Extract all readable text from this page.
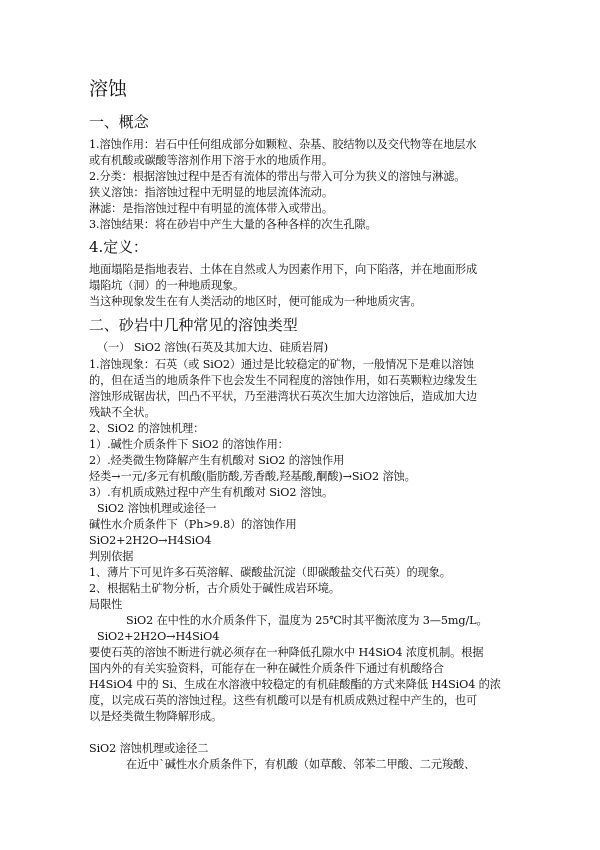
溶蚀
一、概念
1.溶蚀作用：岩石中任何组成部分如颗粒、杂基、胶结物以及交代物等在地层水
或有机酸或碳酸等溶剂作用下溶于水的地质作用。
2.分类：根据溶蚀过程中是否有流体的带出与带入可分为狭义的溶蚀与淋滤。
狭义溶蚀：指溶蚀过程中无明显的地层流体流动。
淋滤：是指溶蚀过程中有明显的流体带入或带出。
3.溶蚀结果：将在砂岩中产生大量的各种各样的次生孔隙。
4.定义：
地面塌陷是指地表岩、土体在自然或人为因素作用下，向下陷落，并在地面形成
塌陷坑（洞）的一种地质现象。
当这种现象发生在有人类活动的地区时，便可能成为一种地质灾害。
二、砂岩中几种常见的溶蚀类型
（一） SiO2 溶蚀(石英及其加大边、硅质岩屑)
1.溶蚀现象：石英（或 SiO2）通过是比较稳定的矿物，一般情况下是难以溶蚀
的，但在适当的地质条件下也会发生不同程度的溶蚀作用，如石英颗粒边缘发生
溶蚀形成锯齿状，凹凸不平状，乃至港湾状石英次生加大边溶蚀后，造成加大边
残缺不全状。
2、SiO2 的溶蚀机理：
1）.碱性介质条件下 SiO2 的溶蚀作用：
2）.烃类微生物降解产生有机酸对 SiO2 的溶蚀作用
烃类→一元/多元有机酸(脂肪酸,芳香酸,羟基酸,酮酸)→SiO2 溶蚀。
3）.有机质成熟过程中产生有机酸对 SiO2 溶蚀。
SiO2 溶蚀机理或途径一
碱性水介质条件下（Ph>9.8）的溶蚀作用
SiO2+2H2O→H4SiO4
判别依据
1、薄片下可见许多石英溶解、碳酸盐沉淀（即碳酸盐交代石英）的现象。
2、根据粘土矿物分析，古介质处于碱性成岩环境。
局限性
SiO2 在中性的水介质条件下，温度为 25℃时其平衡浓度为 3—5mg/L。
SiO2+2H2O→H4SiO4
要使石英的溶蚀不断进行就必须存在一种降低孔隙水中 H4SiO4 浓度机制。根据
国内外的有关实验资料，可能存在一种在碱性介质条件下通过有机酸络合
H4SiO4 中的 Si、生成在水溶液中较稳定的有机硅酸酯的方式来降低 H4SiO4 的浓
度，以完成石英的溶蚀过程。这些有机酸可以是有机质成熟过程中产生的，也可
以是烃类微生物降解形成。
SiO2 溶蚀机理或途径二
在近中`碱性水介质条件下，有机酸（如草酸、邻苯二甲酸、二元羧酸、
